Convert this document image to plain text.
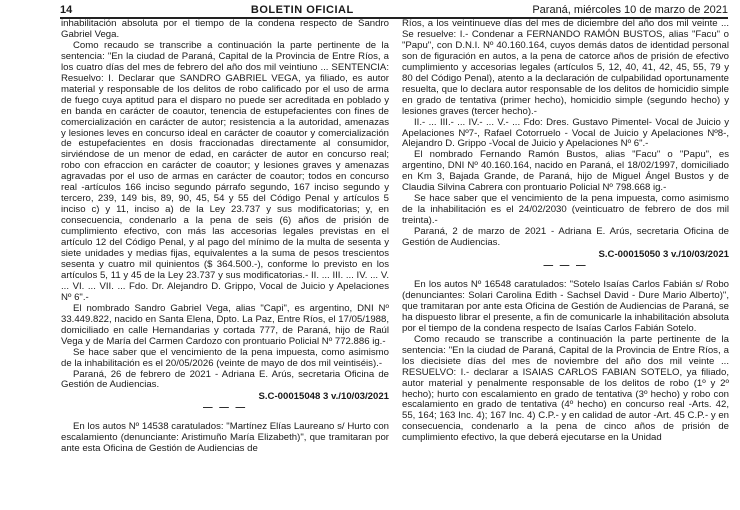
14	BOLETIN OFICIAL	Paraná, miércoles 10 de marzo de 2021

inhabilitación absoluta por el tiempo de la condena respecto de Sandro Gabriel Vega.

Como recaudo se transcribe a continuación la parte pertinente de la sentencia: "En la ciudad de Paraná, Capital de la Provincia de Entre Ríos, a los cuatro días del mes de febrero del año dos mil veintiuno ... SENTENCIA: Resuelvo: I. Declarar que SANDRO GABRIEL VEGA, ya filiado, es autor material y responsable de los delitos de robo calificado por el uso de arma de fuego cuya aptitud para el disparo no puede ser acreditada en poblado y en banda en carácter de coautor, tenencia de estupefacientes con fines de comercialización en carácter de autor; resistencia a la autoridad, amenazas y lesiones leves en concurso ideal en carácter de coautor y comercialización de estupefacientes en dosis fraccionadas directamente al consumidor, sirviéndose de un menor de edad, en carácter de autor en concurso real; robo con efraccion en carácter de coautor; y lesiones graves y amenazas agravadas por el uso de armas en carácter de coautor; todos en concurso real -artículos 166 inciso segundo párrafo segundo, 167 inciso segundo y tercero, 239, 149 bis, 89, 90, 45, 54 y 55 del Código Penal y artículos 5 inciso c) y 11, inciso a) de la Ley 23.737 y sus modificatorias; y, en consecuencia, condenarlo a la pena de seis (6) años de prisión de cumplimiento efectivo, con más las accesorias legales previstas en el artículo 12 del Código Penal, y al pago del mínimo de la multa de sesenta y siete unidades y medias fijas, equivalentes a la suma de pesos trescientos sesenta y cuatro mil quinientos ($ 364.500.-), conforme lo previsto en los artículos 5, 11 y 45 de la Ley 23.737 y sus modificatorias.- II. ... III. ... IV. ... V. ... VI. ... VII. ... Fdo. Dr. Alejandro D. Grippo, Vocal de Juicio y Apelaciones Nº 6".-

El nombrado Sandro Gabriel Vega, alias "Capi", es argentino, DNI Nº 33.449.822, nacido en Santa Elena, Dpto. La Paz, Entre Ríos, el 17/05/1988, domiciliado en calle Hernandarias y cortada 777, de Paraná, hijo de Raúl Vega y de María del Carmen Cardozo con prontuario Policial Nº 772.886 ig.-

Se hace saber que el vencimiento de la pena impuesta, como asimismo de la inhabilitación es el 20/05/2026 (veinte de mayo de dos mil veintiséis).-

Paraná, 26 de febrero de 2021 - Adriana E. Arús, secretaria Oficina de Gestión de Audiencias.

S.C-00015048 3 v./10/03/2021

— — —

En los autos Nº 14538 caratulados: "Martínez Elías Laureano s/ Hurto con escalamiento (denunciante: Aristimuño María Elizabeth)", que tramitaran por ante esta Oficina de Gestión de Audiencias de

Ríos, a los veintinueve días del mes de diciembre del año dos mil veinte ... Se resuelve: I.- Condenar a FERNANDO RAMÓN BUSTOS, alias "Facu" o "Papu", con D.N.I. Nº 40.160.164, cuyos demás datos de identidad personal son de figuración en autos, a la pena de catorce años de prisión de efectivo cumplimiento y accesorias legales (artículos 5, 12, 40, 41, 42, 45, 55, 79 y 80 del Código Penal), atento a la declaración de culpabilidad oportunamente resuelta, que lo declara autor responsable de los delitos de homicidio simple en grado de tentativa (primer hecho), homicidio simple (segundo hecho) y lesiones graves (tercer hecho).-

II.- ... III.- ... IV.- ... V.- ... Fdo: Dres. Gustavo Pimentel- Vocal de Juicio y Apelaciones Nº7-, Rafael Cotorruelo - Vocal de Juicio y Apelaciones Nº8-, Alejandro D. Grippo -Vocal de Juicio y Apelaciones Nº 6".-

El nombrado Fernando Ramón Bustos, alias "Facu" o "Papu", es argentino, DNI Nº 40.160.164, nacido en Paraná, el 18/02/1997, domiciliado en Km 3, Bajada Grande, de Paraná, hijo de Miguel Ángel Bustos y de Claudia Silvina Cabrera con prontuario Policial Nº 798.668 ig.-

Se hace saber que el vencimiento de la pena impuesta, como asimismo de la inhabilitación es el 24/02/2030 (veinticuatro de febrero de dos mil treinta).-

Paraná, 2 de marzo de 2021 - Adriana E. Arús, secretaria Oficina de Gestión de Audiencias.

S.C-00015050 3 v./10/03/2021

— — —

En los autos Nº 16548 caratulados: "Sotelo Isaías Carlos Fabián s/ Robo (denunciantes: Solari Carolina Edith - Sachsel David - Dure Mario Alberto)", que tramitaran por ante esta Oficina de Gestión de Audiencias de Paraná, se ha dispuesto librar el presente, a fin de comunicarle la inhabilitación absoluta por el tiempo de la condena respecto de Isaías Carlos Fabián Sotelo.

Como recaudo se transcribe a continuación la parte pertinente de la sentencia: "En la ciudad de Paraná, Capital de la Provincia de Entre Ríos, a los diecisiete días del mes de noviembre del año dos mil veinte ... RESUELVO: I.- declarar a ISAIAS CARLOS FABIAN SOTELO, ya filiado, autor material y penalmente responsable de los delitos de robo (1º y 2º hecho); hurto con escalamiento en grado de tentativa (3º hecho) y robo con escalamiento en grado de tentativa (4º hecho) en concurso real -Arts. 42, 55, 164; 163 Inc. 4); 167 Inc. 4) C.P.- y en calidad de autor -Art. 45 C.P.- y en consecuencia, condenarlo a la pena de cinco años de prisión de cumplimiento efectivo, la que deberá ejecutarse en la Unidad
